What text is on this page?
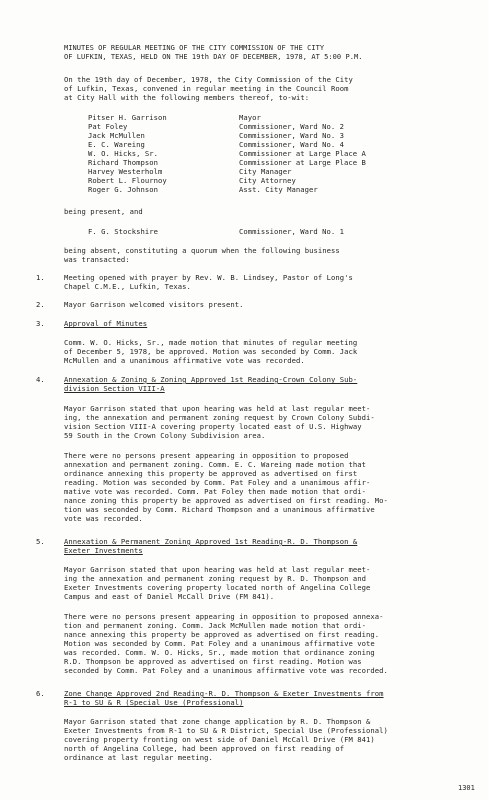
MINUTES OF REGULAR MEETING OF THE CITY COMMISSION OF THE CITY
OF LUFKIN, TEXAS, HELD ON THE 19th DAY OF DECEMBER, 1978, AT 5:00 P.M.
On the 19th day of December, 1978, the City Commission of the City
of Lufkin, Texas, convened in regular meeting in the Council Room
at City Hall with the following members thereof, to-wit:
Pitser H. Garrison	Mayor
Pat Foley	Commissioner, Ward No. 2
Jack McMullen	Commissioner, Ward No. 3
E. C. Wareing	Commissioner, Ward No. 4
W. O. Hicks, Sr.	Commissioner at Large Place A
Richard Thompson	Commissioner at Large Place B
Harvey Westerholm	City Manager
Robert L. Flournoy	City Attorney
Roger G. Johnson	Asst. City Manager
being present, and
F. G. Stockshire	Commissioner, Ward No. 1
being absent, constituting a quorum when the following business
was transacted:
1.	Meeting opened with prayer by Rev. W. B. Lindsey, Pastor of Long's
Chapel C.M.E., Lufkin, Texas.
2.	Mayor Garrison welcomed visitors present.
3.	Approval of Minutes
Comm. W. O. Hicks, Sr., made motion that minutes of regular meeting
of December 5, 1978, be approved. Motion was seconded by Comm. Jack
McMullen and a unanimous affirmative vote was recorded.
4.	Annexation & Zoning & Zoning Approved 1st Reading-Crown Colony Sub-
division Section VIII-A
Mayor Garrison stated that upon hearing was held at last regular meet-
ing, the annexation and permanent zoning request by Crown Colony Subdi-
vision Section VIII-A covering property located east of U.S. Highway
59 South in the Crown Colony Subdivision area.
There were no persons present appearing in opposition to proposed
annexation and permanent zoning. Comm. E. C. Wareing made motion that
ordinance annexing this property be approved as advertised on first
reading. Motion was seconded by Comm. Pat Foley and a unanimous affir-
mative vote was recorded. Comm. Pat Foley then made motion that ordi-
nance zoning this property be approved as advertised on first reading. Mo-
tion was seconded by Comm. Richard Thompson and a unanimous affirmative
vote was recorded.
5.	Annexation & Permanent Zoning Approved 1st Reading-R. D. Thompson &
Exeter Investments
Mayor Garrison stated that upon hearing was held at last regular meet-
ing the annexation and permanent zoning request by R. D. Thompson and
Exeter Investments covering property located north of Angelina College
Campus and east of Daniel McCall Drive (FM 841).
There were no persons present appearing in opposition to proposed annexa-
tion and permanent zoning. Comm. Jack McMullen made motion that ordi-
nance annexing this property be approved as advertised on first reading.
Motion was seconded by Comm. Pat Foley and a unanimous affirmative vote
was recorded. Comm. W. O. Hicks, Sr., made motion that ordinance zoning
R.D. Thompson be approved as advertised on first reading. Motion was
seconded by Comm. Pat Foley and a unanimous affirmative vote was recorded.
6.	Zone Change Approved 2nd Reading-R. D. Thompson & Exeter Investments from
R-1 to SU & R (Special Use (Professional)
Mayor Garrison stated that zone change application by R. D. Thompson &
Exeter Investments from R-1 to SU & R District, Special Use (Professional)
covering property fronting on west side of Daniel McCall Drive (FM 841)
north of Angelina College, had been approved on first reading of
ordinance at last regular meeting.
1301
